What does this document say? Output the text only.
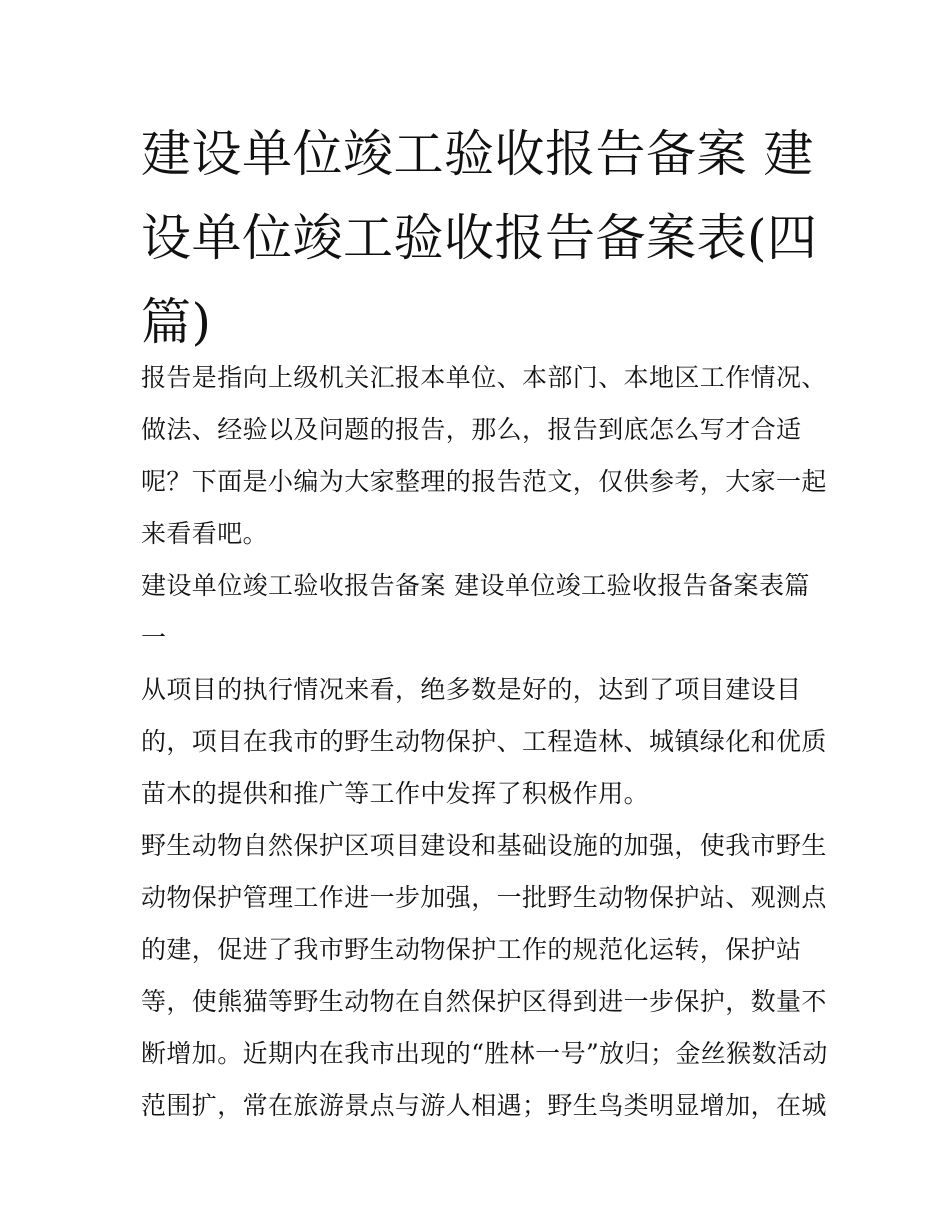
建设单位竣工验收报告备案 建
设单位竣工验收报告备案表(四
篇)
报告是指向上级机关汇报本单位、本部门、本地区工作情况、
做法、经验以及问题的报告，那么，报告到底怎么写才合适
呢？下面是小编为大家整理的报告范文，仅供参考，大家一起
来看看吧。
建设单位竣工验收报告备案 建设单位竣工验收报告备案表篇
一
从项目的执行情况来看，绝多数是好的，达到了项目建设目
的，项目在我市的野生动物保护、工程造林、城镇绿化和优质
苗木的提供和推广等工作中发挥了积极作用。
野生动物自然保护区项目建设和基础设施的加强，使我市野生
动物保护管理工作进一步加强，一批野生动物保护站、观测点
的建，促进了我市野生动物保护工作的规范化运转，保护站
等，使熊猫等野生动物在自然保护区得到进一步保护，数量不
断增加。近期内在我市出现的“胜林一号”放归；金丝猴数活动
范围扩，常在旅游景点与游人相遇；野生鸟类明显增加，在城
